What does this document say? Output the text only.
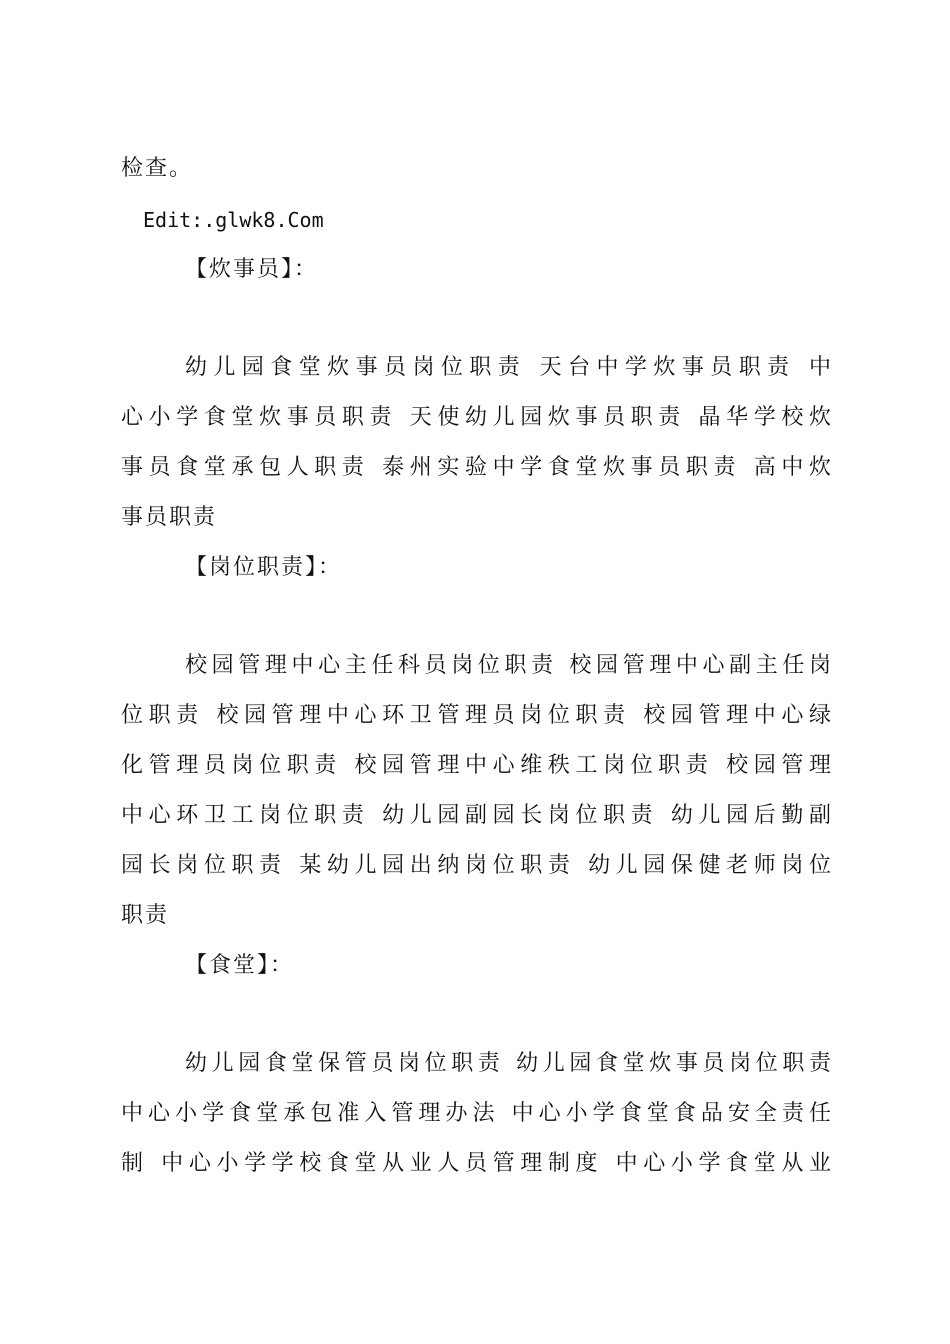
检查。
Edit:.glwk8.Com
【炊事员】：
幼儿园食堂炊事员岗位职责 天台中学炊事员职责 中
心小学食堂炊事员职责 天使幼儿园炊事员职责 晶华学校炊
事员食堂承包人职责 泰州实验中学食堂炊事员职责 高中炊
事员职责
【岗位职责】：
校园管理中心主任科员岗位职责 校园管理中心副主任岗
位职责 校园管理中心环卫管理员岗位职责 校园管理中心绿
化管理员岗位职责 校园管理中心维秩工岗位职责 校园管理
中心环卫工岗位职责 幼儿园副园长岗位职责 幼儿园后勤副
园长岗位职责 某幼儿园出纳岗位职责 幼儿园保健老师岗位
职责
【食堂】：
幼儿园食堂保管员岗位职责 幼儿园食堂炊事员岗位职责
中心小学食堂承包准入管理办法 中心小学食堂食品安全责任
制 中心小学学校食堂从业人员管理制度 中心小学食堂从业
